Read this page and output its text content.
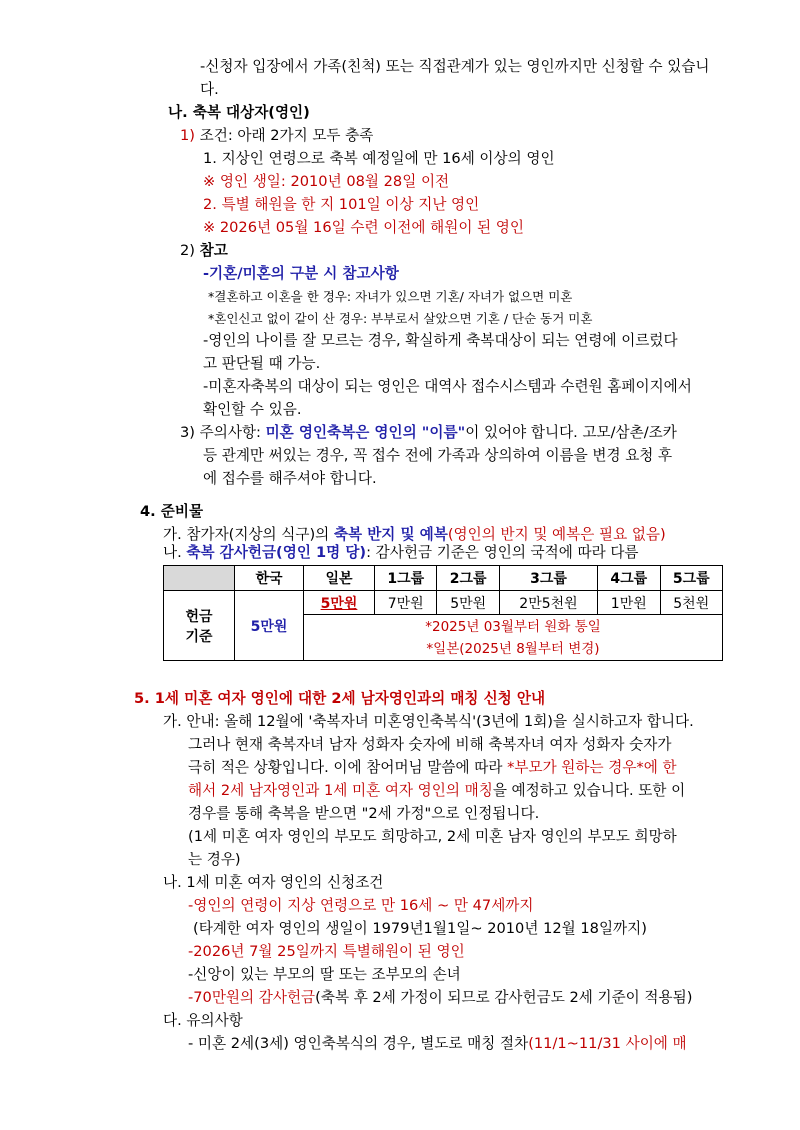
-신청자 입장에서 가족(친척) 또는 직접관계가 있는 영인까지만 신청할 수 있습니
다.
나. 축복 대상자(영인)
1) 조건: 아래 2가지 모두 충족
1. 지상인 연령으로 축복 예정일에 만 16세 이상의 영인
※ 영인 생일: 2010년 08월 28일 이전
2. 특별 해원을 한 지 101일 이상 지난 영인
※ 2026년 05월 16일 수련 이전에 해원이 된 영인
2) 참고
-기혼/미혼의 구분 시 참고사항
*결혼하고 이혼을 한 경우: 자녀가 있으면 기혼/ 자녀가 없으면 미혼
*혼인신고 없이 같이 산 경우: 부부로서 살았으면 기혼 / 단순 동거 미혼
-영인의 나이를 잘 모르는 경우, 확실하게 축복대상이 되는 연령에 이르렀다
고 판단될 때 가능.
-미혼자축복의 대상이 되는 영인은 대역사 접수시스템과 수련원 홈페이지에서
확인할 수 있음.
3) 주의사항: 미혼 영인축복은 영인의 "이름"이 있어야 합니다. 고모/삼촌/조카
등 관계만 써있는 경우, 꼭 접수 전에 가족과 상의하여 이름을 변경 요청 후
에 접수를 해주셔야 합니다.
4. 준비물
가. 참가자(지상의 식구)의 축복 반지 및 예복(영인의 반지 및 예복은 필요 없음)
나. 축복 감사헌금(영인 1명 당): 감사헌금 기준은 영인의 국적에 따라 다름
	한국	일본	1그룹	2그룹	3그룹	4그룹	5그룹

헌금
기준	5만원	5만원	7만원	5만원	2만5천원	1만원	5천원

		*2025년 03월부터 원화 통일
*일본(2025년 8월부터 변경)					

5. 1세 미혼 여자 영인에 대한 2세 남자영인과의 매칭 신청 안내
가. 안내: 올해 12월에 '축복자녀 미혼영인축복식'(3년에 1회)을 실시하고자 합니다.
그러나 현재 축복자녀 남자 성화자 숫자에 비해 축복자녀 여자 성화자 숫자가
극히 적은 상황입니다. 이에 참어머님 말씀에 따라 *부모가 원하는 경우*에 한
해서 2세 남자영인과 1세 미혼 여자 영인의 매칭을 예정하고 있습니다. 또한 이
경우를 통해 축복을 받으면 "2세 가정"으로 인정됩니다.
(1세 미혼 여자 영인의 부모도 희망하고, 2세 미혼 남자 영인의 부모도 희망하
는 경우)
나. 1세 미혼 여자 영인의 신청조건
-영인의 연령이 지상 연령으로 만 16세 ~ 만 47세까지
(타계한 여자 영인의 생일이 1979년1월1일~ 2010년 12월 18일까지)
-2026년 7월 25일까지 특별해원이 된 영인
-신앙이 있는 부모의 딸 또는 조부모의 손녀
-70만원의 감사헌금(축복 후 2세 가정이 되므로 감사헌금도 2세 기준이 적용됨)
다. 유의사항
- 미혼 2세(3세) 영인축복식의 경우, 별도로 매칭 절차(11/1~11/31 사이에 매
